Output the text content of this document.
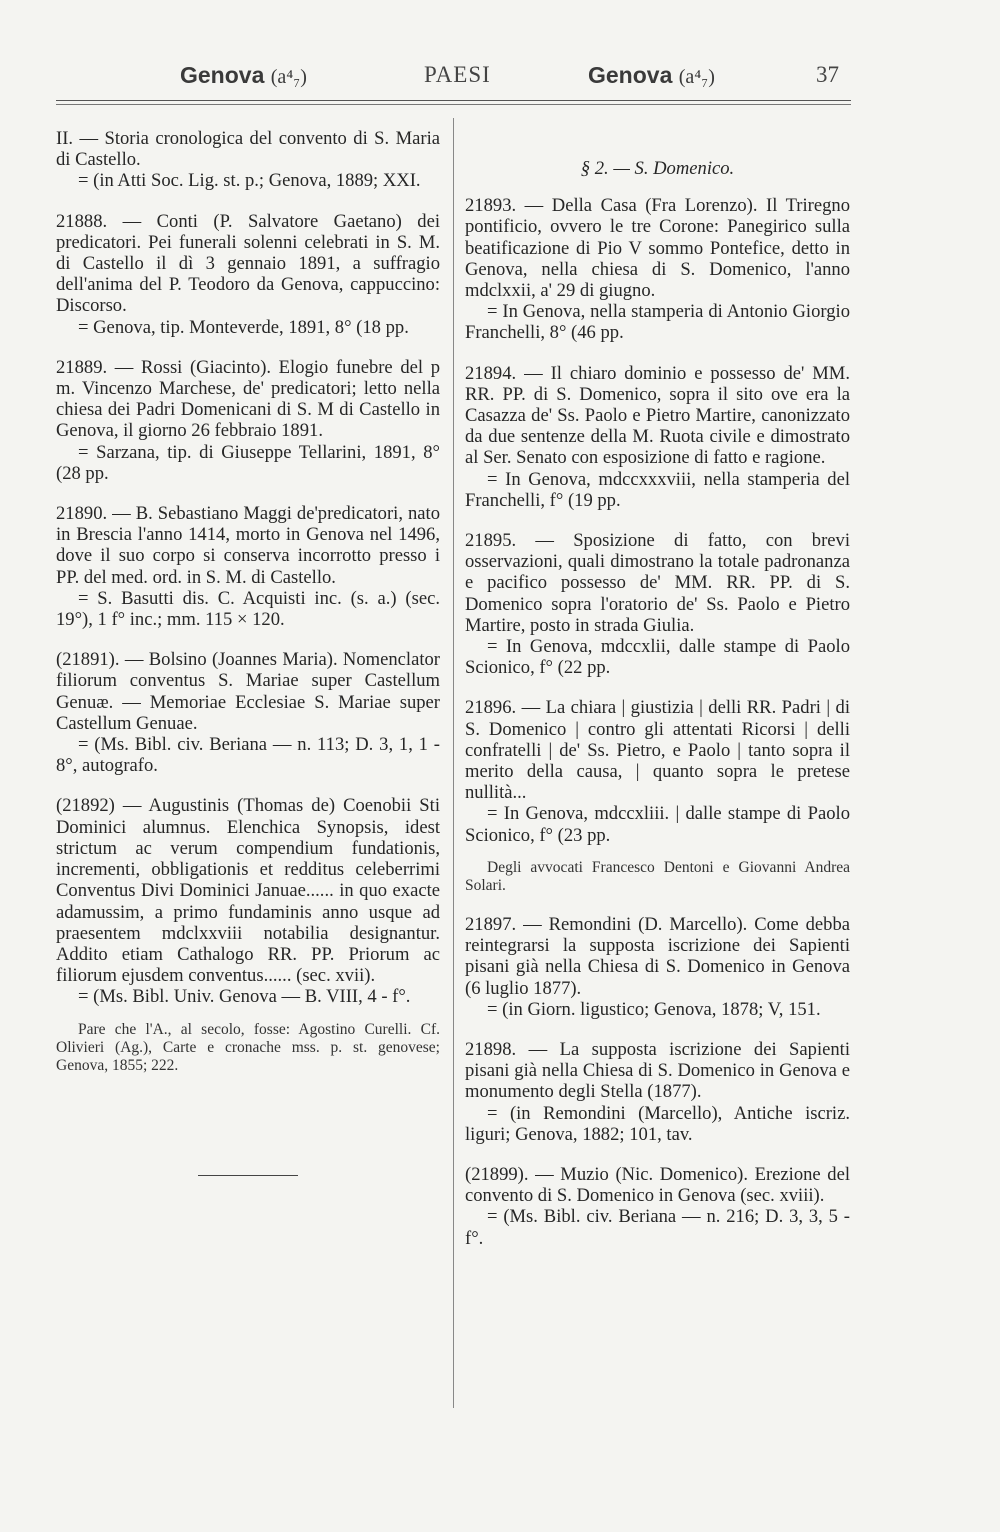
Genova (a⁴₇)	PAESI	Genova (a⁴₇)	37

II. — Storia cronologica del convento di S. Maria di Castello.

= (in Atti Soc. Lig. st. p.; Genova, 1889; XXI.

21888. — Conti (P. Salvatore Gaetano) dei predicatori. Pei funerali solenni celebrati in S. M. di Castello il dì 3 gennaio 1891, a suffragio dell'anima del P. Teodoro da Genova, cappuccino: Discorso.

= Genova, tip. Monteverde, 1891, 8° (18 pp.

21889. — Rossi (Giacinto). Elogio funebre del p m. Vincenzo Marchese, de' predicatori; letto nella chiesa dei Padri Domenicani di S. M di Castello in Genova, il giorno 26 febbraio 1891.

= Sarzana, tip. di Giuseppe Tellarini, 1891, 8° (28 pp.

21890. — B. Sebastiano Maggi de'predicatori, nato in Brescia l'anno 1414, morto in Genova nel 1496, dove il suo corpo si conserva incorrotto presso i PP. del med. ord. in S. M. di Castello.

= S. Basutti dis. C. Acquisti inc. (s. a.) (sec. 19°), 1 f° inc.; mm. 115 × 120.

(21891). — Bolsino (Joannes Maria). Nomenclator filiorum conventus S. Mariae super Castellum Genuæ. — Memoriae Ecclesiae S. Mariae super Castellum Genuae.

= (Ms. Bibl. civ. Beriana — n. 113; D. 3, 1, 1 - 8°, autografo.

(21892) — Augustinis (Thomas de) Coenobii Sti Dominici alumnus. Elenchica Synopsis, idest strictum ac verum compendium fundationis, incrementi, obbligationis et redditus celeberrimi Conventus Divi Dominici Januae...... in quo exacte adamussim, a primo fundaminis anno usque ad praesentem mdclxxviii notabilia designantur. Addito etiam Cathalogo RR. PP. Priorum ac filiorum ejusdem conventus...... (sec. xvii).

= (Ms. Bibl. Univ. Genova — B. VIII, 4 - f°.

Pare che l'A., al secolo, fosse: Agostino Curelli. Cf. Olivieri (Ag.), Carte e cronache mss. p. st. genovese; Genova, 1855; 222.

§ 2. — S. Domenico.

21893. — Della Casa (Fra Lorenzo). Il Triregno pontificio, ovvero le tre Corone: Panegirico sulla beatificazione di Pio V sommo Pontefice, detto in Genova, nella chiesa di S. Domenico, l'anno mdclxxii, a' 29 di giugno.

= In Genova, nella stamperia di Antonio Giorgio Franchelli, 8° (46 pp.

21894. — Il chiaro dominio e possesso de' MM. RR. PP. di S. Domenico, sopra il sito ove era la Casazza de' Ss. Paolo e Pietro Martire, canonizzato da due sentenze della M. Ruota civile e dimostrato al Ser. Senato con esposizione di fatto e ragione.

= In Genova, mdccxxxviii, nella stamperia del Franchelli, f° (19 pp.

21895. — Sposizione di fatto, con brevi osservazioni, quali dimostrano la totale padronanza e pacifico possesso de' MM. RR. PP. di S. Domenico sopra l'oratorio de' Ss. Paolo e Pietro Martire, posto in strada Giulia.

= In Genova, mdccxlii, dalle stampe di Paolo Scionico, f° (22 pp.

21896. — La chiara | giustizia | delli RR. Padri | di S. Domenico | contro gli attentati Ricorsi | delli confratelli | de' Ss. Pietro, e Paolo | tanto sopra il merito della causa, | quanto sopra le pretese nullità...

= In Genova, mdccxliii. | dalle stampe di Paolo Scionico, f° (23 pp.

Degli avvocati Francesco Dentoni e Giovanni Andrea Solari.

21897. — Remondini (D. Marcello). Come debba reintegrarsi la supposta iscrizione dei Sapienti pisani già nella Chiesa di S. Domenico in Genova (6 luglio 1877).

= (in Giorn. ligustico; Genova, 1878; V, 151.

21898. — La supposta iscrizione dei Sapienti pisani già nella Chiesa di S. Domenico in Genova e monumento degli Stella (1877).

= (in Remondini (Marcello), Antiche iscriz. liguri; Genova, 1882; 101, tav.

(21899). — Muzio (Nic. Domenico). Erezione del convento di S. Domenico in Genova (sec. xviii).

= (Ms. Bibl. civ. Beriana — n. 216; D. 3, 3, 5 - f°.
